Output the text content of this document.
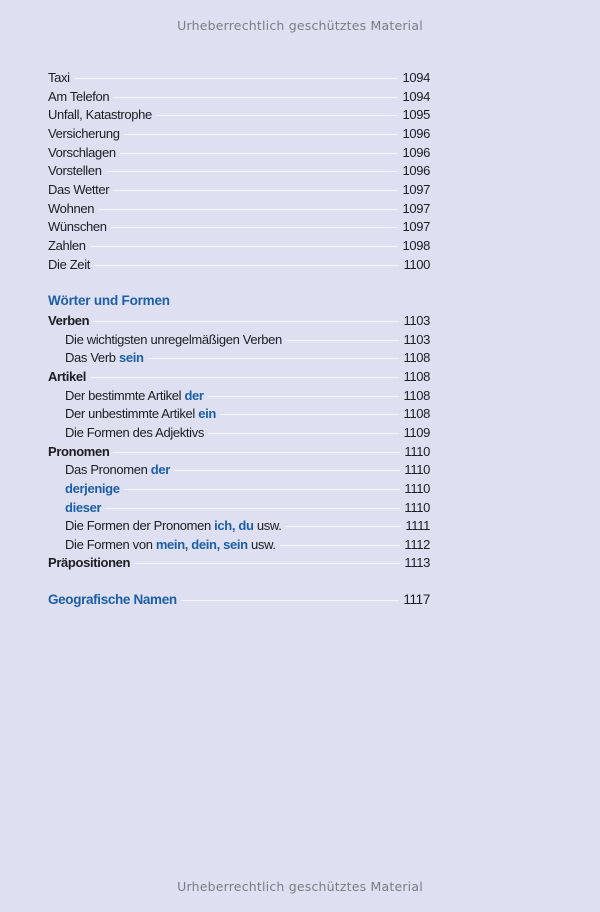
Urheberrechtlich geschütztes Material
Taxi	1094
Am Telefon	1094
Unfall, Katastrophe	1095
Versicherung	1096
Vorschlagen	1096
Vorstellen	1096
Das Wetter	1097
Wohnen	1097
Wünschen	1097
Zahlen	1098
Die Zeit	1100
Verben	1103
Die wichtigsten unregelmäßigen Verben	1103
Das Verb sein	1108
Artikel	1108
Der bestimmte Artikel der	1108
Der unbestimmte Artikel ein	1108
Die Formen des Adjektivs	1109
Pronomen	1110
Das Pronomen der	1110
derjenige	1110
dieser	1110
Die Formen der Pronomen ich, du usw.	1111
Die Formen von mein, dein, sein usw.	1112
Präpositionen	1113
Wörter und Formen
Geografische Namen	1117
Urheberrechtlich geschütztes Material
